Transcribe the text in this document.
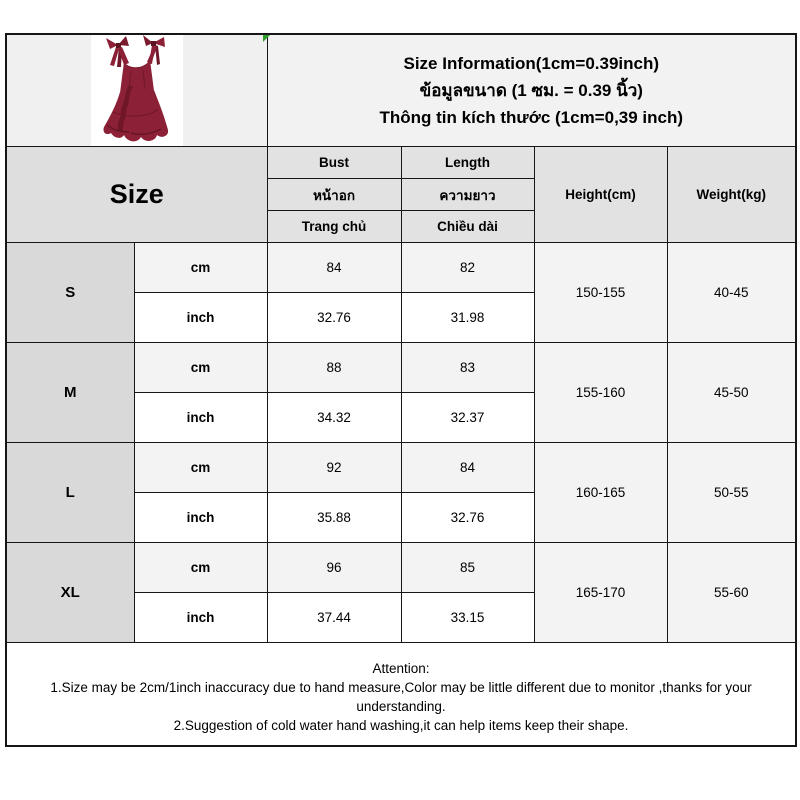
Size Information(1cm=0.39inch)
ข้อมูลขนาด (1 ซม. = 0.39 นิ้ว)
Thông tin kích thước (1cm=0,39 inch)			

Size		Bust	Length	Height(cm)	Weight(kg)
		หน้าอก	ความยาว		
		Trang chủ	Chiều dài		
S	cm	84	82	150-155	40-45
	inch	32.76	31.98		
M	cm	88	83	155-160	45-50
	inch	34.32	32.37		
L	cm	92	84	160-165	50-55
	inch	35.88	32.76		
XL	cm	96	85	165-170	55-60
	inch	37.44	33.15		

Attention:
1.Size may be 2cm/1inch inaccuracy due to hand measure,Color may be little different due to monitor ,thanks for your understanding.
2.Suggestion of cold water hand washing,it can help items keep their shape.					
